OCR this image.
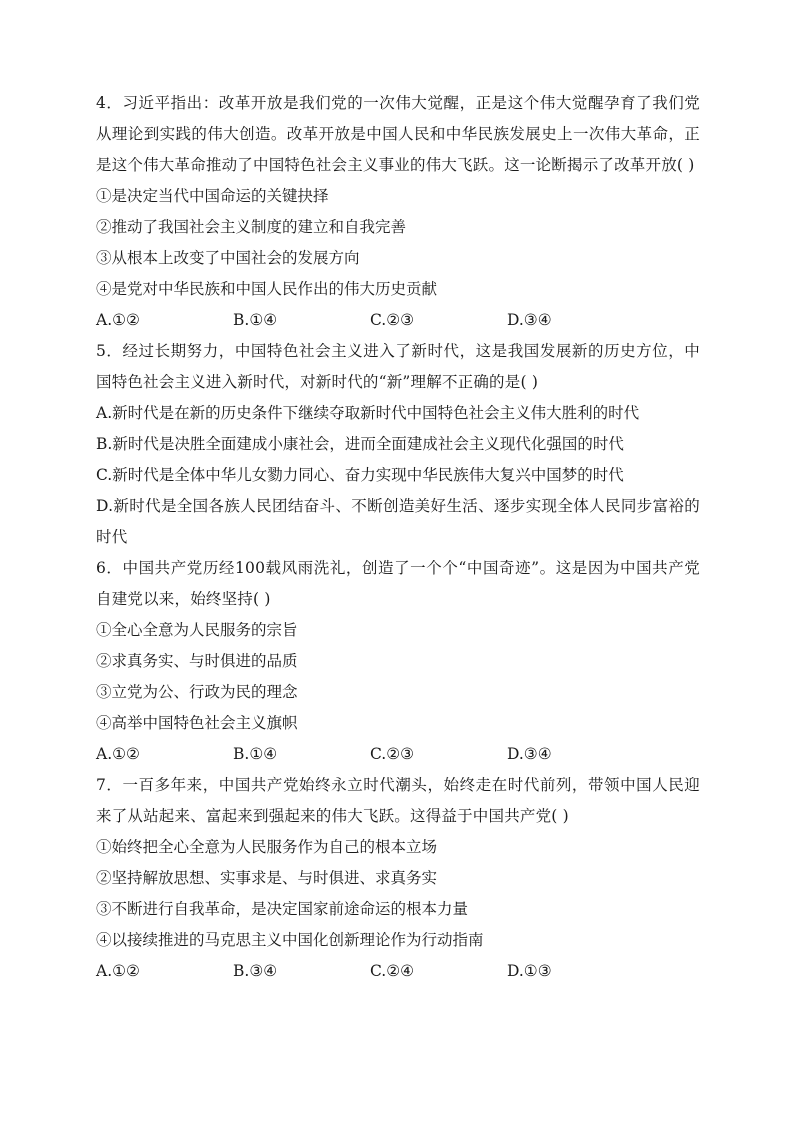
4．习近平指出：改革开放是我们党的一次伟大觉醒，正是这个伟大觉醒孕育了我们党从理论到实践的伟大创造。改革开放是中国人民和中华民族发展史上一次伟大革命，正是这个伟大革命推动了中国特色社会主义事业的伟大飞跃。这一论断揭示了改革开放( )

①是决定当代中国命运的关键抉择

②推动了我国社会主义制度的建立和自我完善

③从根本上改变了中国社会的发展方向

④是党对中华民族和中国人民作出的伟大历史贡献

A.①②	B.①④	C.②③	D.③④

5．经过长期努力，中国特色社会主义进入了新时代，这是我国发展新的历史方位，中国特色社会主义进入新时代，对新时代的“新”理解不正确的是( )

A.新时代是在新的历史条件下继续夺取新时代中国特色社会主义伟大胜利的时代

B.新时代是决胜全面建成小康社会，进而全面建成社会主义现代化强国的时代

C.新时代是全体中华儿女勠力同心、奋力实现中华民族伟大复兴中国梦的时代

D.新时代是全国各族人民团结奋斗、不断创造美好生活、逐步实现全体人民同步富裕的时代

6．中国共产党历经100载风雨洗礼，创造了一个个“中国奇迹”。这是因为中国共产党自建党以来，始终坚持( )

①全心全意为人民服务的宗旨

②求真务实、与时俱进的品质

③立党为公、行政为民的理念

④高举中国特色社会主义旗帜

A.①②	B.①④	C.②③	D.③④

7．一百多年来，中国共产党始终永立时代潮头，始终走在时代前列，带领中国人民迎来了从站起来、富起来到强起来的伟大飞跃。这得益于中国共产党( )

①始终把全心全意为人民服务作为自己的根本立场

②坚持解放思想、实事求是、与时俱进、求真务实

③不断进行自我革命，是决定国家前途命运的根本力量

④以接续推进的马克思主义中国化创新理论作为行动指南

A.①②	B.③④	C.②④	D.①③
